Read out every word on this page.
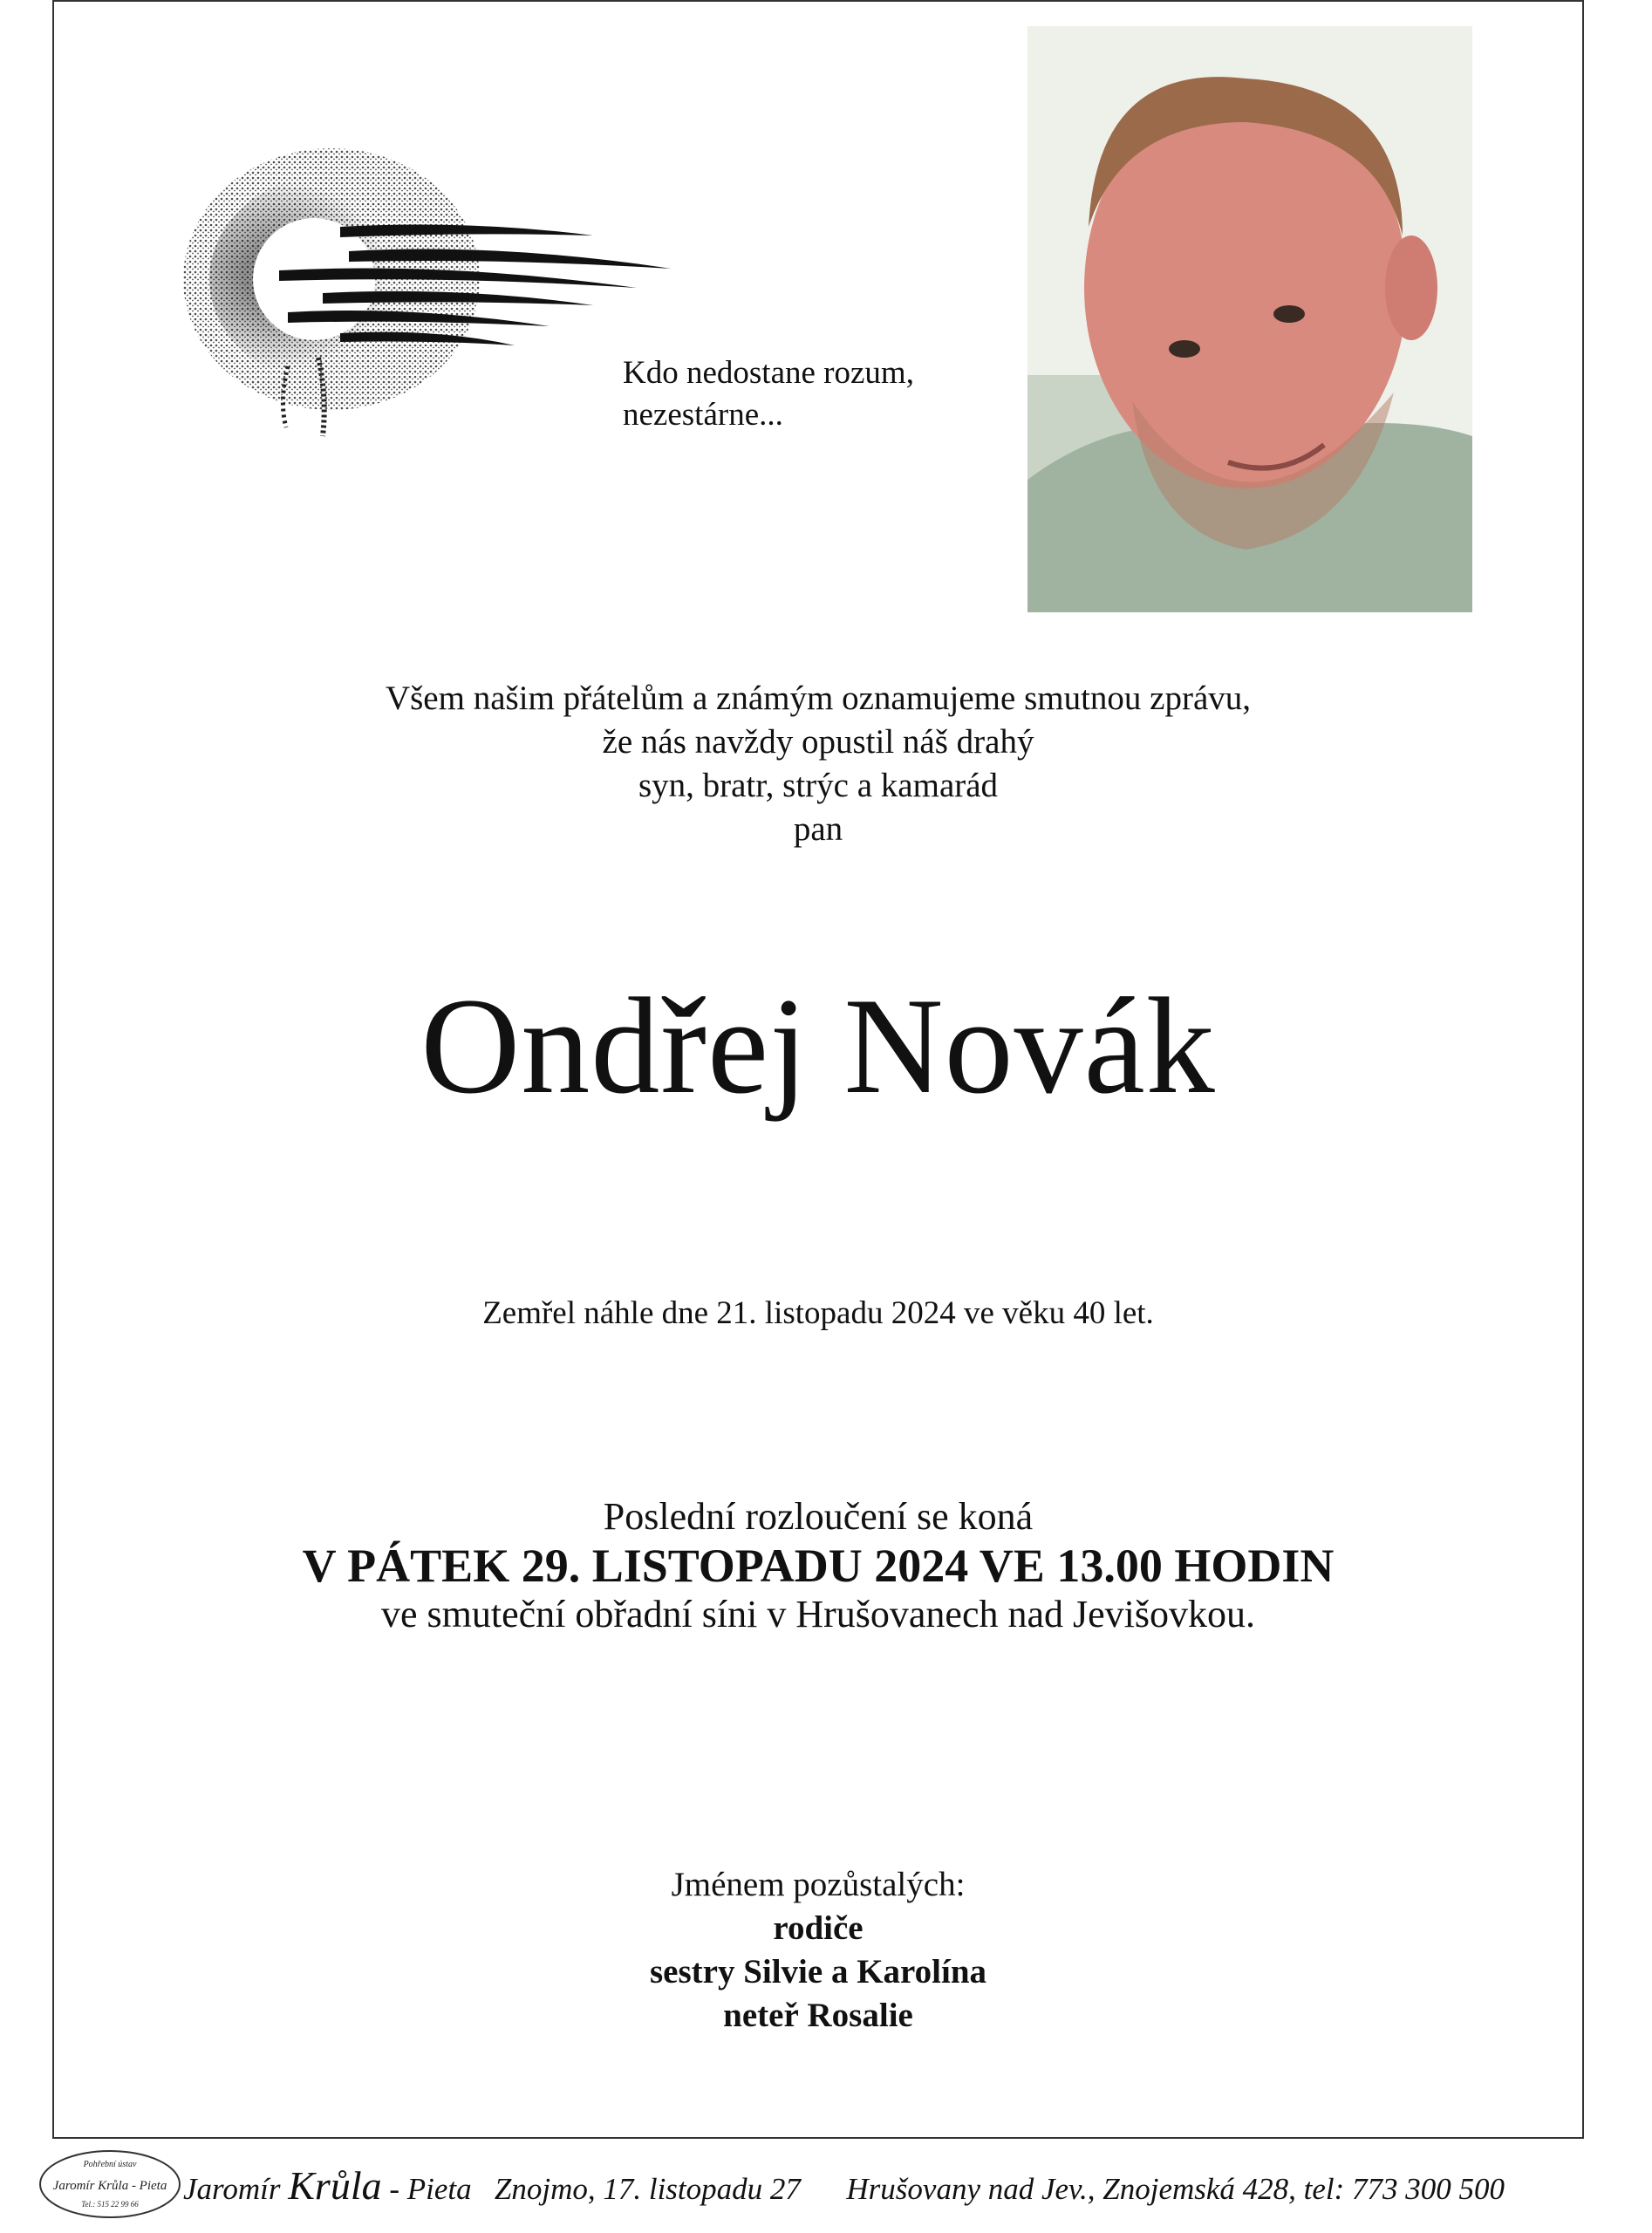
Kdo nedostane rozum,
nezestárne...
Všem našim přátelům a známým oznamujeme smutnou zprávu,
že nás navždy opustil náš drahý
syn, bratr, strýc a kamarád
pan
Ondřej Novák
Zemřel náhle dne 21. listopadu 2024 ve věku 40 let.
Poslední rozloučení se koná
V PÁTEK 29. LISTOPADU 2024 VE 13.00 HODIN
ve smuteční obřadní síni v Hrušovanech nad Jevišovkou.
Jménem pozůstalých:
rodiče
sestry Silvie a Karolína
neteř Rosalie
Pohřební ústav
Jaromír Krůla - Pieta
Tel.: 515 22 99 66 Jaromír Krůla - Pieta Znojmo, 17. listopadu 27 Hrušovany nad Jev., Znojemská 428, tel: 773 300 500
